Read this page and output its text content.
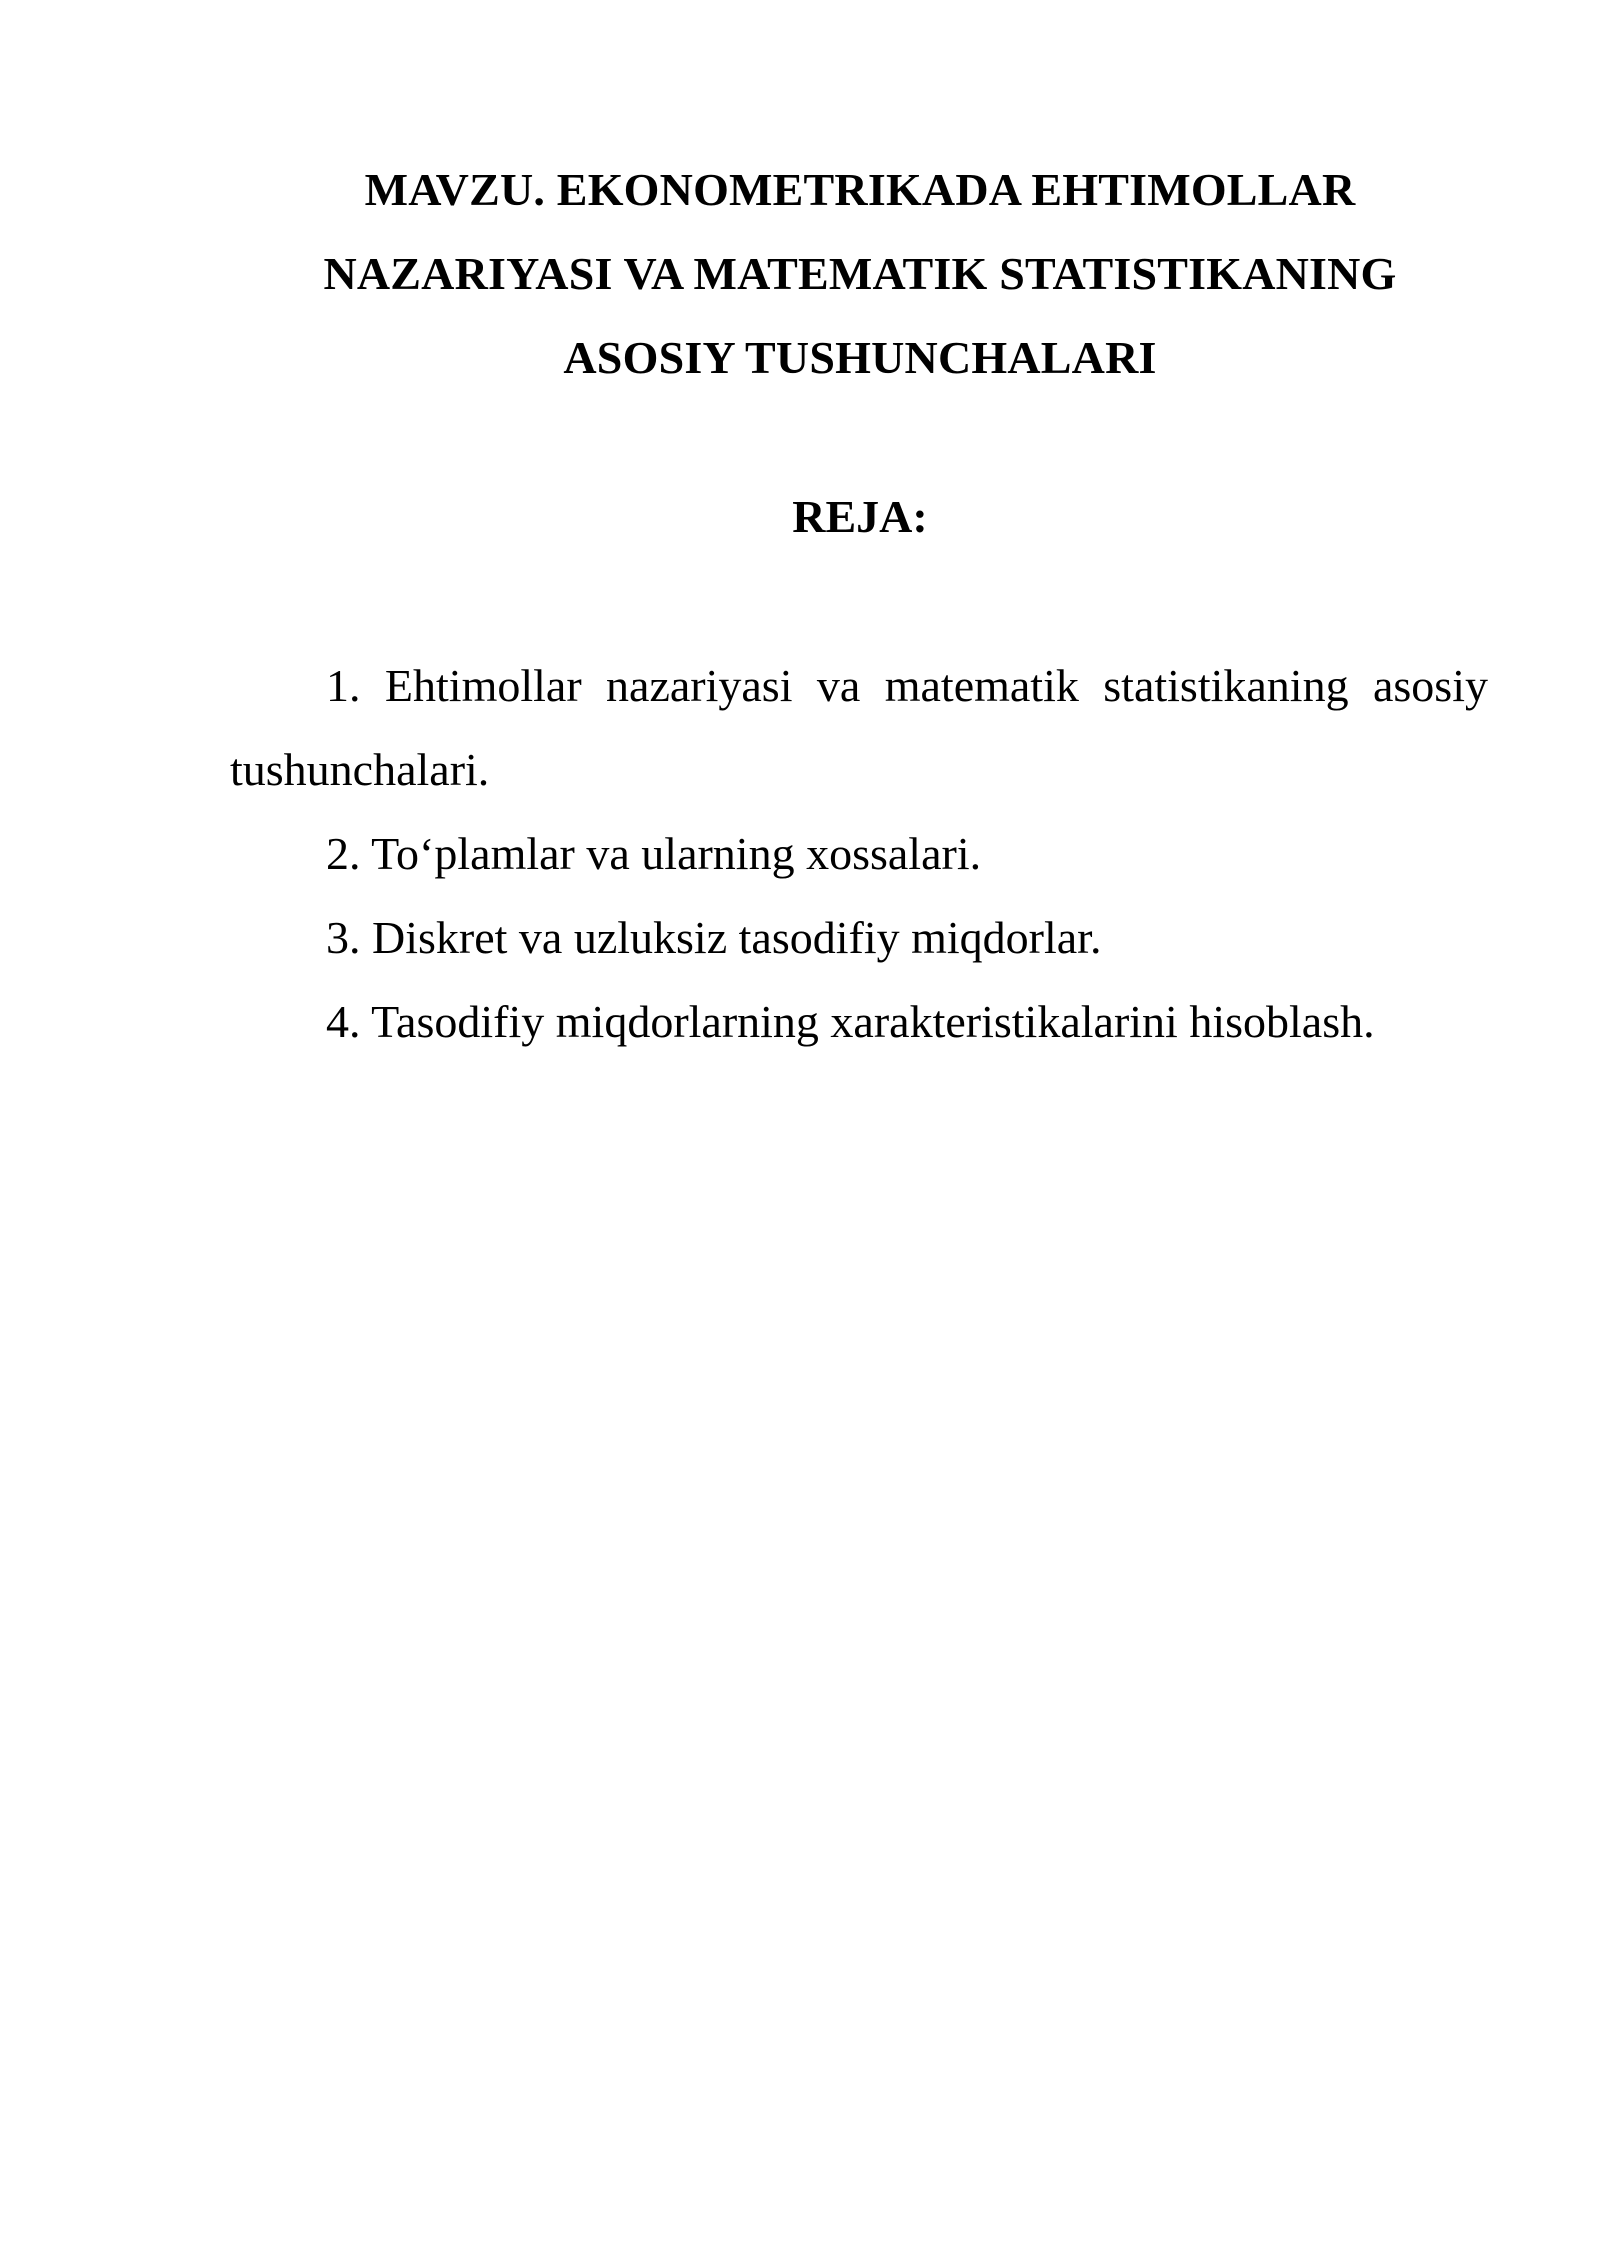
MAVZU. EKONOMETRIKADA EHTIMOLLAR
NAZARIYASI VA MATEMATIK STATISTIKANING
ASOSIY TUSHUNCHALARI
REJA:

1. Ehtimollar nazariyasi va matematik statistikaning asosiy tushunchalari.

2. To‘plamlar va ularning xossalari.

3. Diskret va uzluksiz tasodifiy miqdorlar.

4. Tasodifiy miqdorlarning xarakteristikalarini hisoblash.
